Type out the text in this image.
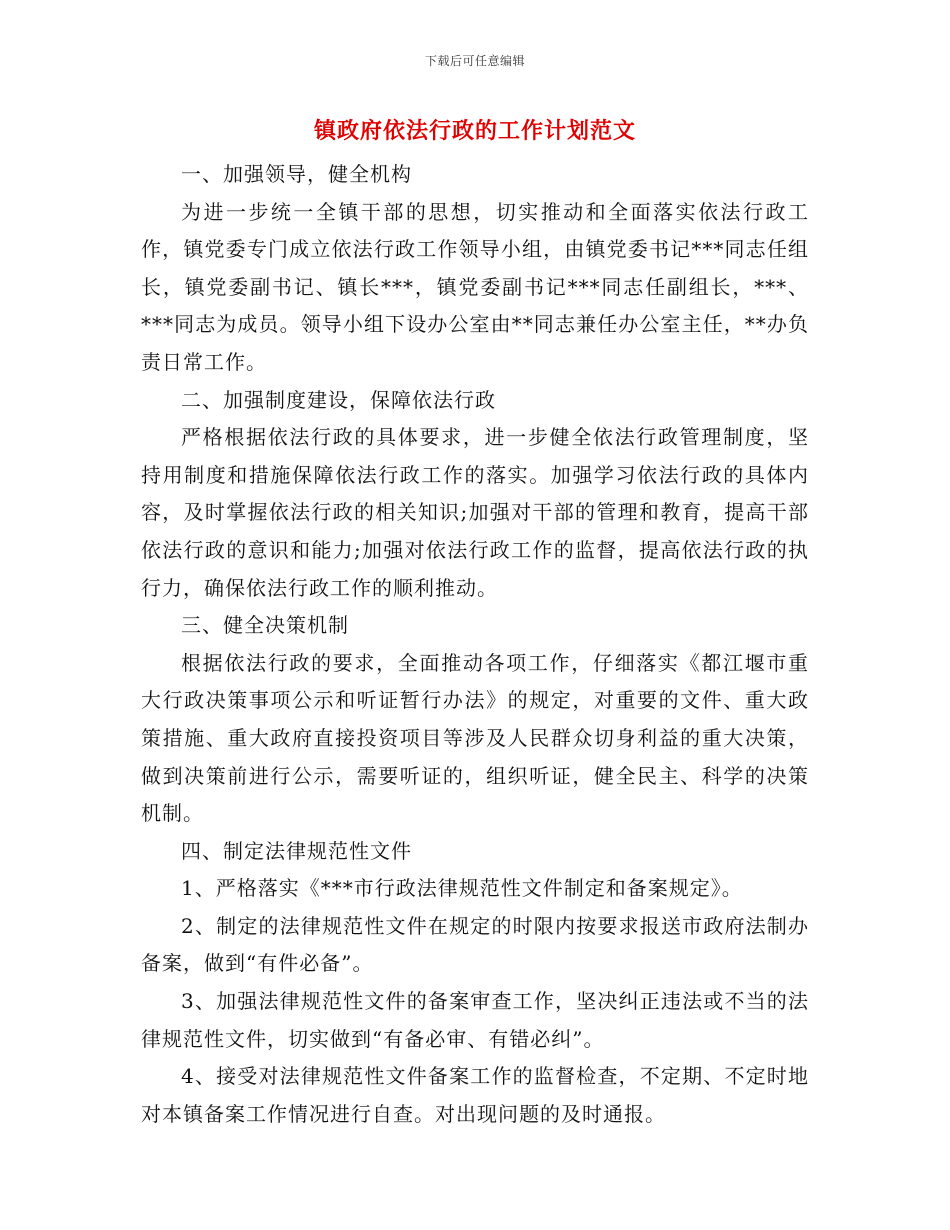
下载后可任意编辑
镇政府依法行政的工作计划范文

一、加强领导，健全机构

为进一步统一全镇干部的思想，切实推动和全面落实依法行政工作，镇党委专门成立依法行政工作领导小组，由镇党委书记***同志任组长，镇党委副书记、镇长***，镇党委副书记***同志任副组长，***、***同志为成员。领导小组下设办公室由**同志兼任办公室主任，**办负责日常工作。

二、加强制度建设，保障依法行政

严格根据依法行政的具体要求，进一步健全依法行政管理制度，坚持用制度和措施保障依法行政工作的落实。加强学习依法行政的具体内容，及时掌握依法行政的相关知识;加强对干部的管理和教育，提高干部依法行政的意识和能力;加强对依法行政工作的监督，提高依法行政的执行力，确保依法行政工作的顺利推动。

三、健全决策机制

根据依法行政的要求，全面推动各项工作，仔细落实《都江堰市重大行政决策事项公示和听证暂行办法》的规定，对重要的文件、重大政策措施、重大政府直接投资项目等涉及人民群众切身利益的重大决策，做到决策前进行公示，需要听证的，组织听证，健全民主、科学的决策机制。

四、制定法律规范性文件

1、严格落实《***市行政法律规范性文件制定和备案规定》。

2、制定的法律规范性文件在规定的时限内按要求报送市政府法制办备案，做到“有件必备”。

3、加强法律规范性文件的备案审查工作，坚决纠正违法或不当的法律规范性文件，切实做到“有备必审、有错必纠”。

4、接受对法律规范性文件备案工作的监督检查，不定期、不定时地对本镇备案工作情况进行自查。对出现问题的及时通报。
